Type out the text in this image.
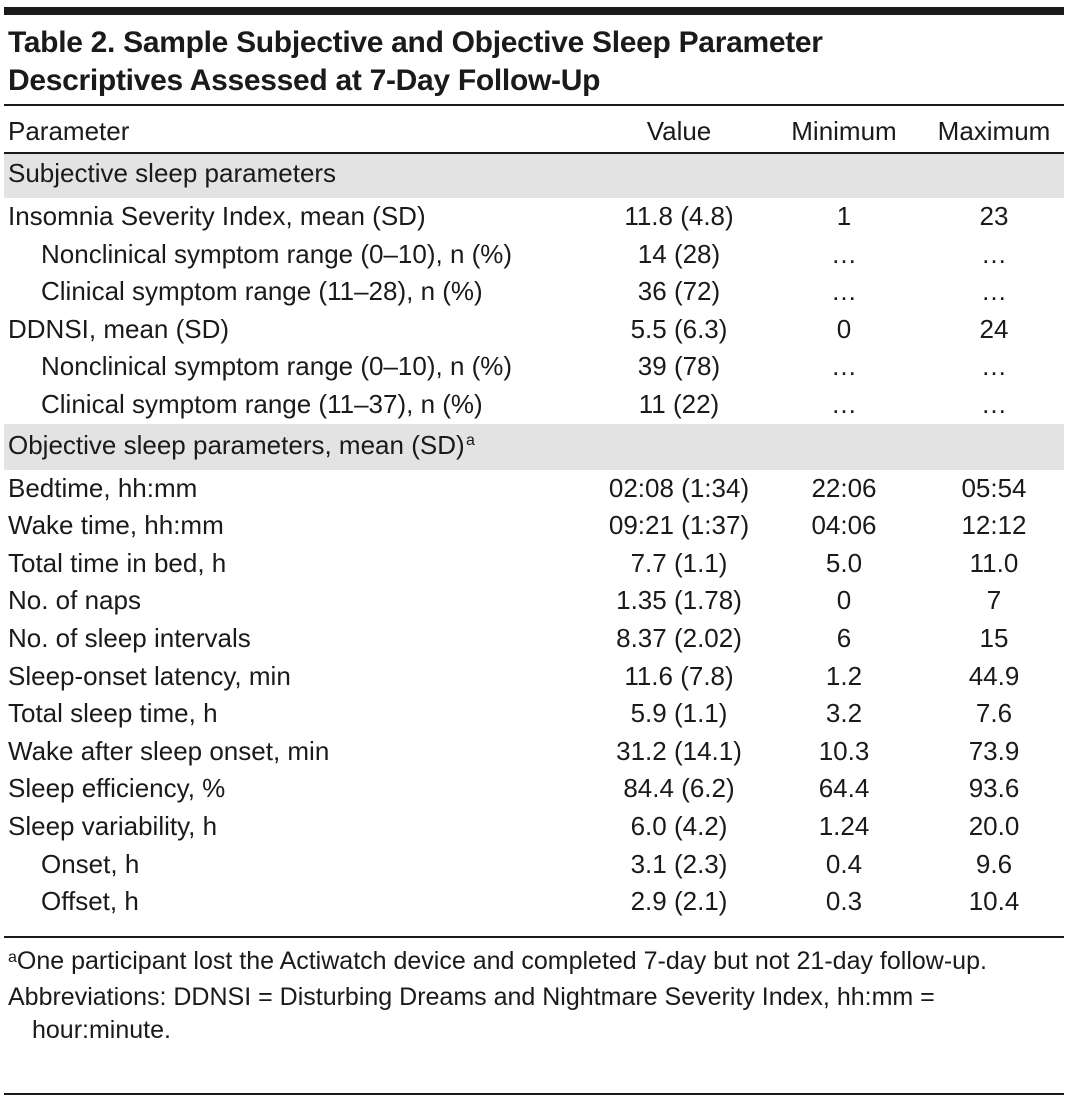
Table 2. Sample Subjective and Objective Sleep Parameter
Descriptives Assessed at 7-Day Follow-Up
Parameter	Value	Minimum	Maximum
Subjective sleep parameters
Insomnia Severity Index, mean (SD)	11.8 (4.8)	1	23
Nonclinical symptom range (0–10), n (%)	14 (28)	…	…
Clinical symptom range (11–28), n (%)	36 (72)	…	…
DDNSI, mean (SD)	5.5 (6.3)	0	24
Nonclinical symptom range (0–10), n (%)	39 (78)	…	…
Clinical symptom range (11–37), n (%)	11 (22)	…	…
Objective sleep parameters, mean (SD) a
Bedtime, hh:mm	02:08 (1:34)	22:06	05:54
Wake time, hh:mm	09:21 (1:37)	04:06	12:12
Total time in bed, h	7.7 (1.1)	5.0	11.0
No. of naps	1.35 (1.78)	0	7
No. of sleep intervals	8.37 (2.02)	6	15
Sleep-onset latency, min	11.6 (7.8)	1.2	44.9
Total sleep time, h	5.9 (1.1)	3.2	7.6
Wake after sleep onset, min	31.2 (14.1)	10.3	73.9
Sleep efficiency, %	84.4 (6.2)	64.4	93.6
Sleep variability, h	6.0 (4.2)	1.24	20.0
Onset, h	3.1 (2.3)	0.4	9.6
Offset, h	2.9 (2.1)	0.3	10.4
$^a$One participant lost the Actiwatch device and completed 7-day but not 21-day follow-up.
Abbreviations: DDNSI = Disturbing Dreams and Nightmare Severity Index, hh:mm = hour:minute.
